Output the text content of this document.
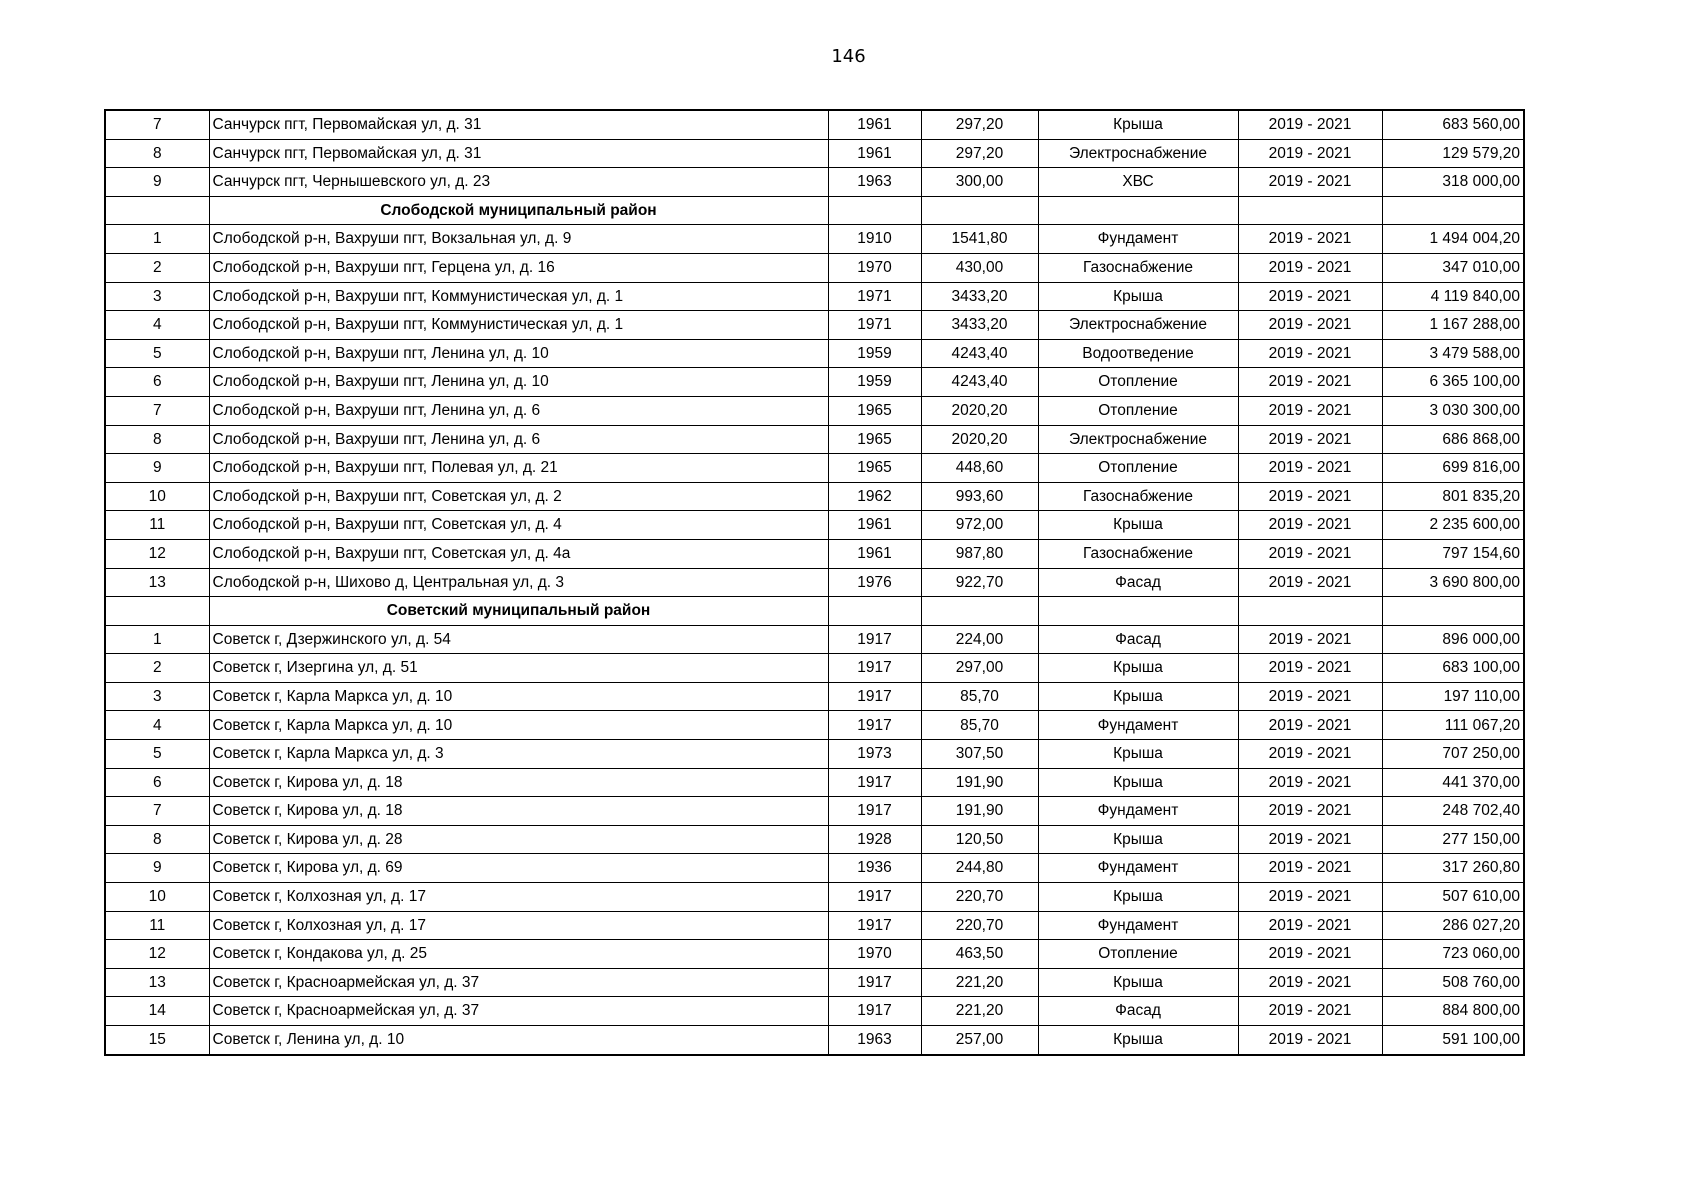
146
7	Санчурск пгт, Первомайская ул, д. 31	1961	297,20	Крыша	2019 - 2021	683 560,00
8	Санчурск пгт, Первомайская ул, д. 31	1961	297,20	Электроснабжение	2019 - 2021	129 579,20
9	Санчурск пгт, Чернышевского ул, д. 23	1963	300,00	ХВС	2019 - 2021	318 000,00
	Слободской муниципальный район					
1	Слободской р-н, Вахруши пгт, Вокзальная ул, д. 9	1910	1541,80	Фундамент	2019 - 2021	1 494 004,20
2	Слободской р-н, Вахруши пгт, Герцена ул, д. 16	1970	430,00	Газоснабжение	2019 - 2021	347 010,00
3	Слободской р-н, Вахруши пгт, Коммунистическая ул, д. 1	1971	3433,20	Крыша	2019 - 2021	4 119 840,00
4	Слободской р-н, Вахруши пгт, Коммунистическая ул, д. 1	1971	3433,20	Электроснабжение	2019 - 2021	1 167 288,00
5	Слободской р-н, Вахруши пгт, Ленина ул, д. 10	1959	4243,40	Водоотведение	2019 - 2021	3 479 588,00
6	Слободской р-н, Вахруши пгт, Ленина ул, д. 10	1959	4243,40	Отопление	2019 - 2021	6 365 100,00
7	Слободской р-н, Вахруши пгт, Ленина ул, д. 6	1965	2020,20	Отопление	2019 - 2021	3 030 300,00
8	Слободской р-н, Вахруши пгт, Ленина ул, д. 6	1965	2020,20	Электроснабжение	2019 - 2021	686 868,00
9	Слободской р-н, Вахруши пгт, Полевая ул, д. 21	1965	448,60	Отопление	2019 - 2021	699 816,00
10	Слободской р-н, Вахруши пгт, Советская ул, д. 2	1962	993,60	Газоснабжение	2019 - 2021	801 835,20
11	Слободской р-н, Вахруши пгт, Советская ул, д. 4	1961	972,00	Крыша	2019 - 2021	2 235 600,00
12	Слободской р-н, Вахруши пгт, Советская ул, д. 4а	1961	987,80	Газоснабжение	2019 - 2021	797 154,60
13	Слободской р-н, Шихово д, Центральная ул, д. 3	1976	922,70	Фасад	2019 - 2021	3 690 800,00
	Советский муниципальный район					
1	Советск г, Дзержинского ул, д. 54	1917	224,00	Фасад	2019 - 2021	896 000,00
2	Советск г, Изергина ул, д. 51	1917	297,00	Крыша	2019 - 2021	683 100,00
3	Советск г, Карла Маркса ул, д. 10	1917	85,70	Крыша	2019 - 2021	197 110,00
4	Советск г, Карла Маркса ул, д. 10	1917	85,70	Фундамент	2019 - 2021	111 067,20
5	Советск г, Карла Маркса ул, д. 3	1973	307,50	Крыша	2019 - 2021	707 250,00
6	Советск г, Кирова ул, д. 18	1917	191,90	Крыша	2019 - 2021	441 370,00
7	Советск г, Кирова ул, д. 18	1917	191,90	Фундамент	2019 - 2021	248 702,40
8	Советск г, Кирова ул, д. 28	1928	120,50	Крыша	2019 - 2021	277 150,00
9	Советск г, Кирова ул, д. 69	1936	244,80	Фундамент	2019 - 2021	317 260,80
10	Советск г, Колхозная ул, д. 17	1917	220,70	Крыша	2019 - 2021	507 610,00
11	Советск г, Колхозная ул, д. 17	1917	220,70	Фундамент	2019 - 2021	286 027,20
12	Советск г, Кондакова ул, д. 25	1970	463,50	Отопление	2019 - 2021	723 060,00
13	Советск г, Красноармейская ул, д. 37	1917	221,20	Крыша	2019 - 2021	508 760,00
14	Советск г, Красноармейская ул, д. 37	1917	221,20	Фасад	2019 - 2021	884 800,00
15	Советск г, Ленина ул, д. 10	1963	257,00	Крыша	2019 - 2021	591 100,00
